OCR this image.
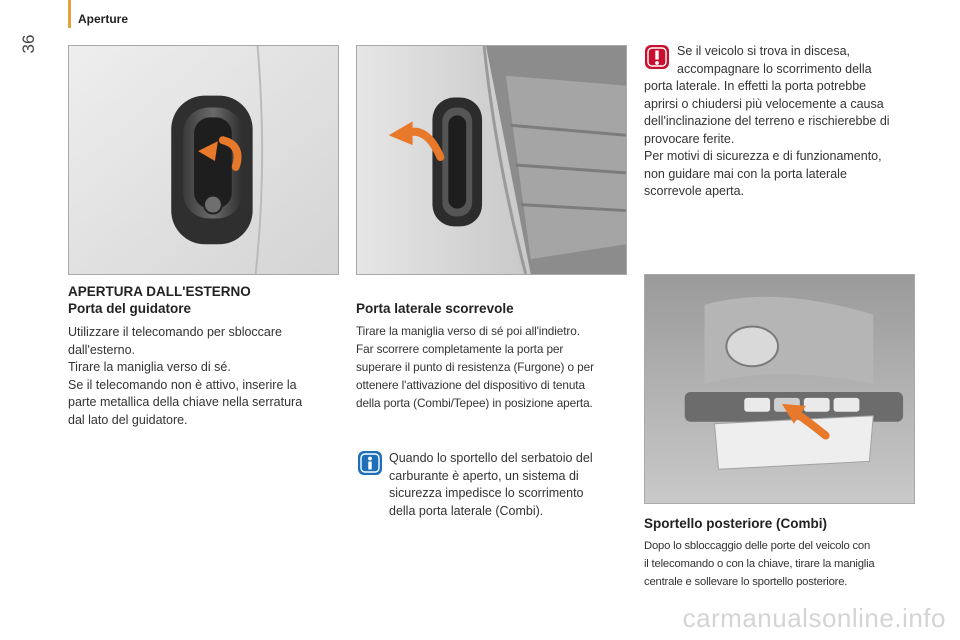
36
Aperture
APERTURA DALL'ESTERNO
Porta del guidatore

Utilizzare il telecomando per sbloccare

dall'esterno.

Tirare la maniglia verso di sé.

Se il telecomando non è attivo, inserire la

parte metallica della chiave nella serratura

dal lato del guidatore.

Porta laterale scorrevole

Tirare la maniglia verso di sé poi all'indietro.

Far scorrere completamente la porta per

superare il punto di resistenza (Furgone) o per

ottenere l'attivazione del dispositivo di tenuta

della porta (Combi/Tepee) in posizione aperta.

Quando lo sportello del serbatoio del

carburante è aperto, un sistema di

sicurezza impedisce lo scorrimento

della porta laterale (Combi).

Se il veicolo si trova in discesa,

accompagnare lo scorrimento della

porta laterale. In effetti la porta potrebbe

aprirsi o chiudersi più velocemente a causa

dell'inclinazione del terreno e rischierebbe di

provocare ferite.

Per motivi di sicurezza e di funzionamento,

non guidare mai con la porta laterale

scorrevole aperta.

Sportello posteriore (Combi)

Dopo lo sbloccaggio delle porte del veicolo con

il telecomando o con la chiave, tirare la maniglia

centrale e sollevare lo sportello posteriore.

carmanualsonline.info
